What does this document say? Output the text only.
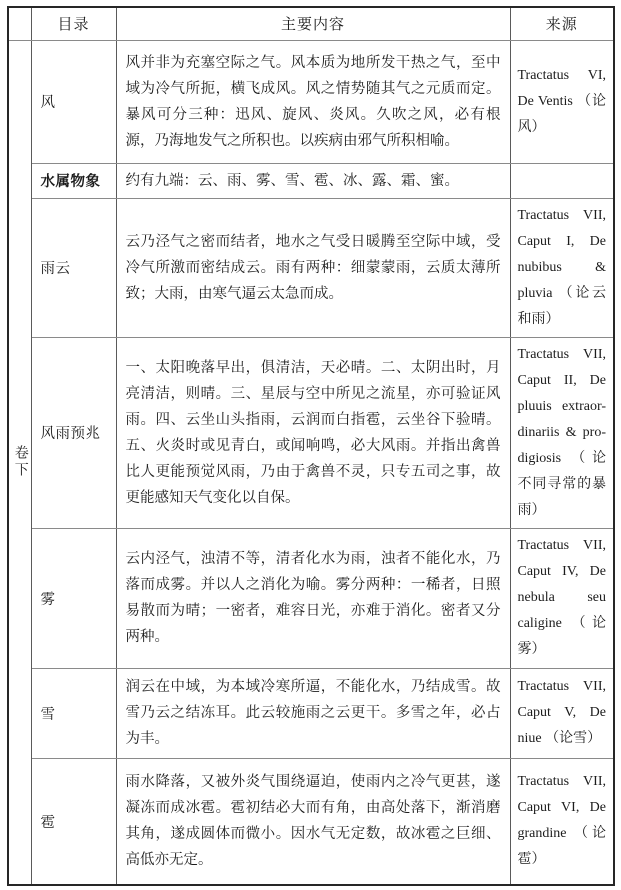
	目录	主要内容	来源
卷下	风	风并非为充塞空际之气。风本质为地所发干热之气，至中域为冷气所扼，横飞成风。风之情势随其气之元质而定。暴风可分三种：迅风、旋风、炎风。久吹之风，必有根源，乃海地发气之所积也。以疾病由邪气所积相喻。	Tractatus VI, De Ventis （论风）
	水属物象	约有九端：云、雨、雾、雪、雹、冰、露、霜、蜜。	
	雨云	云乃泾气之密而结者，地水之气受日暖腾至空际中域，受冷气所激而密结成云。雨有两种：细蒙蒙雨，云质太薄所致；大雨，由寒气逼云太急而成。	Tractatus VII, Caput I, De nubibus & pluvia （论云和雨）
	风雨预兆	一、太阳晚落早出，俱清洁，天必晴。二、太阴出时，月亮清洁，则晴。三、星辰与空中所见之流星，亦可验证风雨。四、云坐山头指雨，云润而白指雹，云坐谷下验晴。五、火炎时或见青白，或闻响鸣，必大风雨。并指出禽兽比人更能预觉风雨，乃由于禽兽不灵，只专五司之事，故更能感知天气变化以自保。	Tractatus VII, Caput II, De pluuis extraor-dinariis & pro-digiosis （论不同寻常的暴雨）
	雾	云内泾气，浊清不等，清者化水为雨，浊者不能化水，乃落而成雾。并以人之消化为喻。雾分两种：一稀者，日照易散而为晴；一密者，难容日光，亦难于消化。密者又分两种。	Tractatus VII, Caput IV, De nebula seu caligine （论雾）
	雪	润云在中域，为本域冷寒所逼，不能化水，乃结成雪。故雪乃云之结冻耳。此云较施雨之云更干。多雪之年，必占为丰。	Tractatus VII, Caput V, De niue （论雪）
	雹	雨水降落，又被外炎气围绕逼迫，使雨内之冷气更甚，遂凝冻而成冰雹。雹初结必大而有角，由高处落下，渐消磨其角，遂成圆体而微小。因水气无定数，故冰雹之巨细、高低亦无定。	Tractatus VII, Caput VI, De grandine （论雹）
